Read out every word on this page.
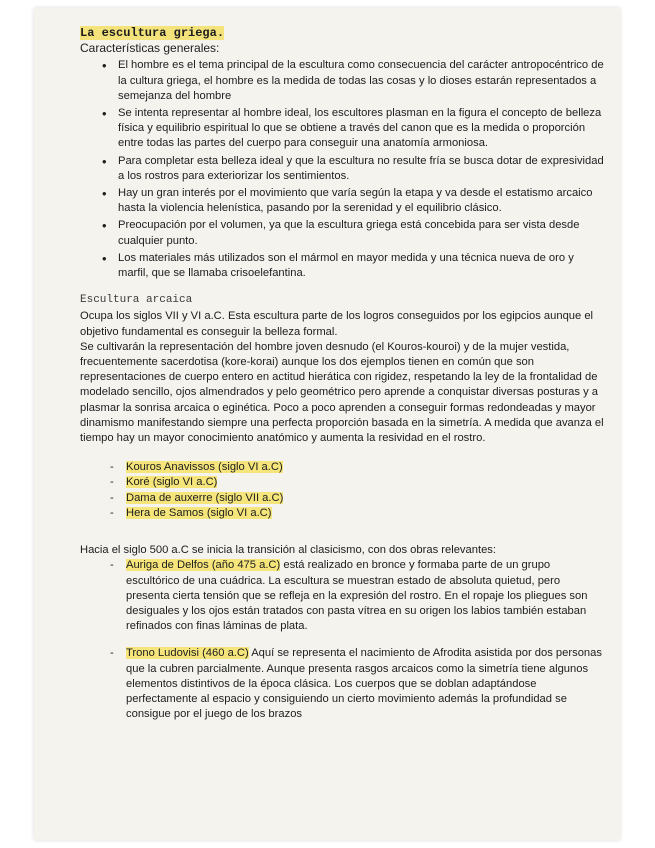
La escultura griega.
Características generales:
• El hombre es el tema principal de la escultura como consecuencia del carácter antropocéntrico de la cultura griega, el hombre es la medida de todas las cosas y lo dioses estarán representados a semejanza del hombre
• Se intenta representar al hombre ideal, los escultores plasman en la figura el concepto de belleza física y equilibrio espiritual lo que se obtiene a través del canon que es la medida o proporción entre todas las partes del cuerpo para conseguir una anatomía armoniosa.
• Para completar esta belleza ideal y que la escultura no resulte fría se busca dotar de expresividad a los rostros para exteriorizar los sentimientos.
• Hay un gran interés por el movimiento que varía según la etapa y va desde el estatismo arcaico hasta la violencia helenística, pasando por la serenidad y el equilibrio clásico.
• Preocupación por el volumen, ya que la escultura griega está concebida para ser vista desde cualquier punto.
• Los materiales más utilizados son el mármol en mayor medida y una técnica nueva de oro y marfil, que se llamaba crisoelefantina.
Escultura arcaica

Ocupa los siglos VII y VI a.C. Esta escultura parte de los logros conseguidos por los egipcios aunque el objetivo fundamental es conseguir la belleza formal.

Se cultivarán la representación del hombre joven desnudo (el Kouros-kouroi) y de la mujer vestida, frecuentemente sacerdotisa (kore-korai) aunque los dos ejemplos tienen en común que son representaciones de cuerpo entero en actitud hierática con rigidez, respetando la ley de la frontalidad de modelado sencillo, ojos almendrados y pelo geométrico pero aprende a conquistar diversas posturas y a plasmar la sonrisa arcaica o eginética. Poco a poco aprenden a conseguir formas redondeadas y mayor dinamismo manifestando siempre una perfecta proporción basada en la simetría. A medida que avanza el tiempo hay un mayor conocimiento anatómico y aumenta la resividad en el rostro.

- Kouros Anavissos (siglo VI a.C)
- Koré (siglo VI a.C)
- Dama de auxerre (siglo VII a.C)
- Hera de Samos (siglo VI a.C)

Hacia el siglo 500 a.C se inicia la transición al clasicismo, con dos obras relevantes:

- Auriga de Delfos (año 475 a.C) está realizado en bronce y formaba parte de un grupo escultórico de una cuádrica. La escultura se muestran estado de absoluta quietud, pero presenta cierta tensión que se refleja en la expresión del rostro. En el ropaje los pliegues son desiguales y los ojos están tratados con pasta vítrea en su origen los labios también estaban refinados con finas láminas de plata.
- Trono Ludovisi (460 a.C) Aquí se representa el nacimiento de Afrodita asistida por dos personas que la cubren parcialmente. Aunque presenta rasgos arcaicos como la simetría tiene algunos elementos distintivos de la época clásica. Los cuerpos que se doblan adaptándose perfectamente al espacio y consiguiendo un cierto movimiento además la profundidad se consigue por el juego de los brazos
